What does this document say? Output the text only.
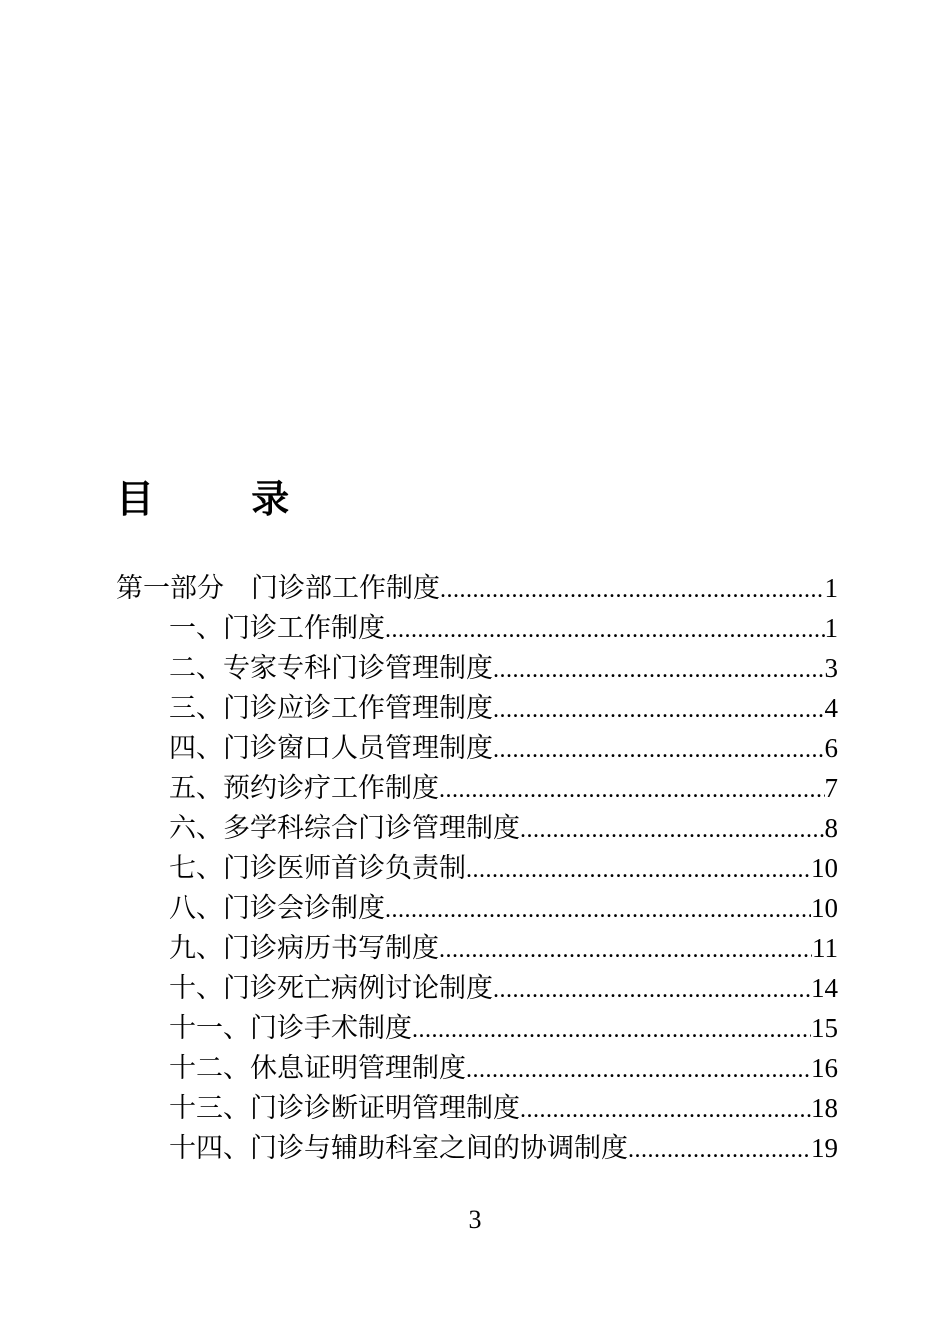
目 录
第一部分　门诊部工作制度 .....	1
一、门诊工作制度 .....	1
二、专家专科门诊管理制度 .....	3
三、门诊应诊工作管理制度 .....	4
四、门诊窗口人员管理制度 .....	6
五、预约诊疗工作制度 .....	7
六、多学科综合门诊管理制度 .....	8
七、门诊医师首诊负责制 .....	10
八、门诊会诊制度 .....	10
九、门诊病历书写制度 .....	11
十、门诊死亡病例讨论制度 .....	14
十一、门诊手术制度 .....	15
十二、休息证明管理制度 .....	16
十三、门诊诊断证明管理制度 .....	18
十四、门诊与辅助科室之间的协调制度 .....	19
3
